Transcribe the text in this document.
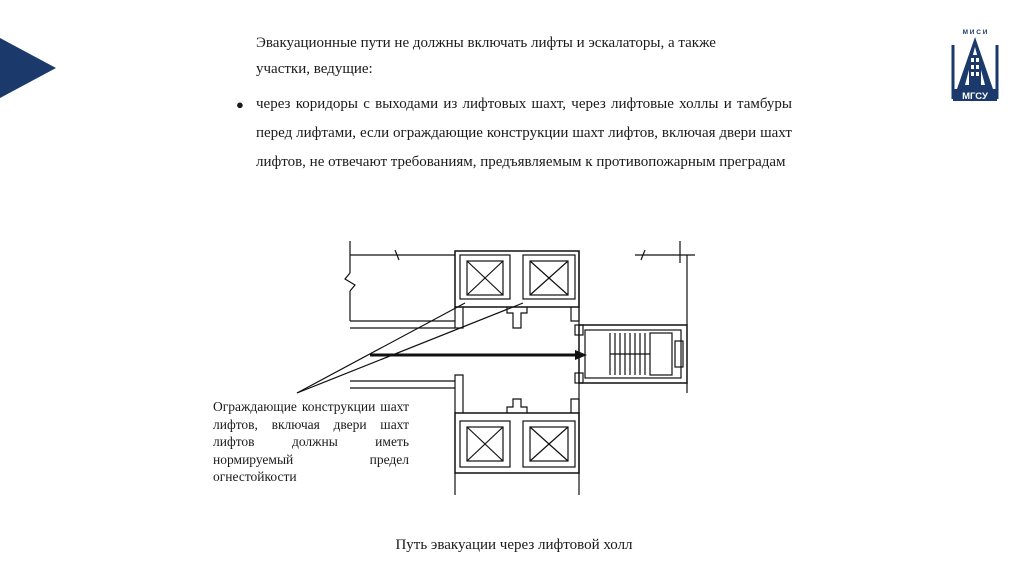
М И С И
МГСУ
Эвакуационные пути не должны включать лифты и эскалаторы, а также
участки, ведущие:
● через коридоры с выходами из лифтовых шахт, через лифтовые холлы и тамбуры перед лифтами, если ограждающие конструкции шахт лифтов, включая двери шахт лифтов, не отвечают требованиям, предъявляемым к противопожарным преградам
Ограждающие конструкции шахт лифтов, включая двери шахт лифтов должны иметь нормируемый предел огнестойкости
Путь эвакуации через лифтовой холл
